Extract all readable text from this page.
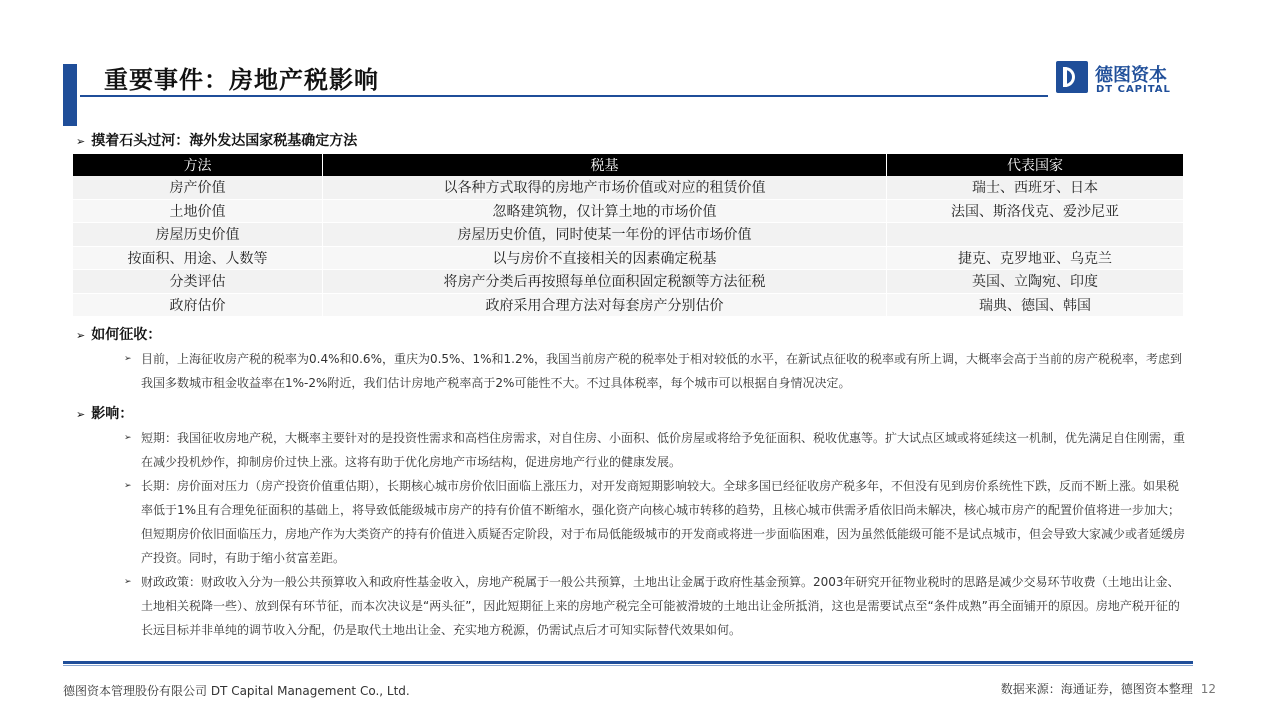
重要事件：房地产税影响	德图资本
DT CAPITAL
➢ 摸着石头过河：海外发达国家税基确定方法
方法	税基	代表国家
房产价值	以各种方式取得的房地产市场价值或对应的租赁价值	瑞士、西班牙、日本
土地价值	忽略建筑物，仅计算土地的市场价值	法国、斯洛伐克、爱沙尼亚
房屋历史价值	房屋历史价值，同时使某一年份的评估市场价值	
按面积、用途、人数等	以与房价不直接相关的因素确定税基	捷克、克罗地亚、乌克兰
分类评估	将房产分类后再按照每单位面积固定税额等方法征税	英国、立陶宛、印度
政府估价	政府采用合理方法对每套房产分别估价	瑞典、德国、韩国
➢ 如何征收：
➢ 目前，上海征收房产税的税率为0.4%和0.6%，重庆为0.5%、1%和1.2%，我国当前房产税的税率处于相对较低的水平，在新试点征收的税率或有所上调，大概率会高于当前的房产税税率，考虑到我国多数城市租金收益率在1%-2%附近，我们估计房地产税率高于2%可能性不大。不过具体税率，每个城市可以根据自身情况决定。
➢ 影响：
➢ 短期：我国征收房地产税，大概率主要针对的是投资性需求和高档住房需求，对自住房、小面积、低价房屋或将给予免征面积、税收优惠等。扩大试点区域或将延续这一机制，优先满足自住刚需，重在减少投机炒作，抑制房价过快上涨。这将有助于优化房地产市场结构，促进房地产行业的健康发展。
➢ 长期：房价面对压力（房产投资价值重估期），长期核心城市房价依旧面临上涨压力，对开发商短期影响较大。全球多国已经征收房产税多年，不但没有见到房价系统性下跌，反而不断上涨。如果税率低于1%且有合理免征面积的基础上，将导致低能级城市房产的持有价值不断缩水，强化资产向核心城市转移的趋势，且核心城市供需矛盾依旧尚未解决，核心城市房产的配置价值将进一步加大；但短期房价依旧面临压力，房地产作为大类资产的持有价值进入质疑否定阶段，对于布局低能级城市的开发商或将进一步面临困难，因为虽然低能级可能不是试点城市，但会导致大家减少或者延缓房产投资。同时，有助于缩小贫富差距。
➢ 财政政策：财政收入分为一般公共预算收入和政府性基金收入，房地产税属于一般公共预算，土地出让金属于政府性基金预算。2003年研究开征物业税时的思路是减少交易环节收费（土地出让金、土地相关税降一些）、放到保有环节征，而本次决议是“两头征”，因此短期征上来的房地产税完全可能被滑坡的土地出让金所抵消，这也是需要试点至“条件成熟”再全面铺开的原因。房地产税开征的长远目标并非单纯的调节收入分配，仍是取代土地出让金、充实地方税源，仍需试点后才可知实际替代效果如何。
德图资本管理股份有限公司 DT Capital Management Co., Ltd.	数据来源：海通证券，德图资本整理 12
